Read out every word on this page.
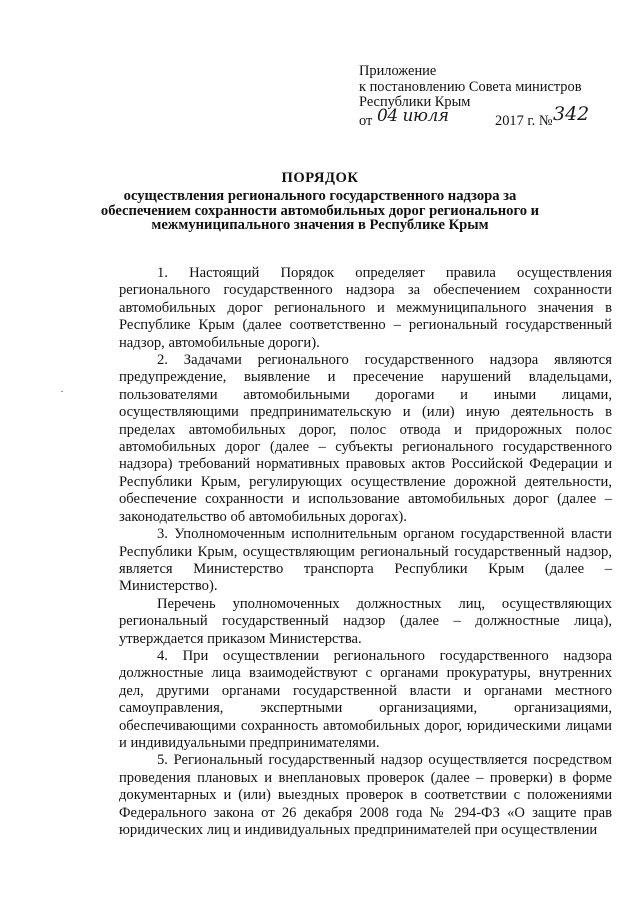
Приложение
к постановлению Совета министров
Республики Крым
от 04 июля	2017 г. № 342
ПОРЯДОК
осуществления регионального государственного надзора за
обеспечением сохранности автомобильных дорог регионального и
межмуниципального значения в Республике Крым

1. Настоящий Порядок определяет правила осуществления регионального государственного надзора за обеспечением сохранности автомобильных дорог регионального и межмуниципального значения в Республике Крым (далее соответственно – региональный государственный надзор, автомобильные дороги).

2. Задачами регионального государственного надзора являются предупреждение, выявление и пресечение нарушений владельцами, пользователями автомобильными дорогами и иными лицами, осуществляющими предпринимательскую и (или) иную деятельность в пределах автомобильных дорог, полос отвода и придорожных полос автомобильных дорог (далее – субъекты регионального государственного надзора) требований нормативных правовых актов Российской Федерации и Республики Крым, регулирующих осуществление дорожной деятельности, обеспечение сохранности и использование автомобильных дорог (далее – законодательство об автомобильных дорогах).

3. Уполномоченным исполнительным органом государственной власти Республики Крым, осуществляющим региональный государственный надзор, является Министерство транспорта Республики Крым (далее – Министерство).

Перечень уполномоченных должностных лиц, осуществляющих региональный государственный надзор (далее – должностные лица), утверждается приказом Министерства.

4. При осуществлении регионального государственного надзора должностные лица взаимодействуют с органами прокуратуры, внутренних дел, другими органами государственной власти и органами местного самоуправления, экспертными организациями, организациями, обеспечивающими сохранность автомобильных дорог, юридическими лицами и индивидуальными предпринимателями.

5. Региональный государственный надзор осуществляется посредством проведения плановых и внеплановых проверок (далее – проверки) в форме документарных и (или) выездных проверок в соответствии с положениями Федерального закона от 26 декабря 2008 года № 294-ФЗ «О защите прав юридических лиц и индивидуальных предпринимателей при осуществлении
